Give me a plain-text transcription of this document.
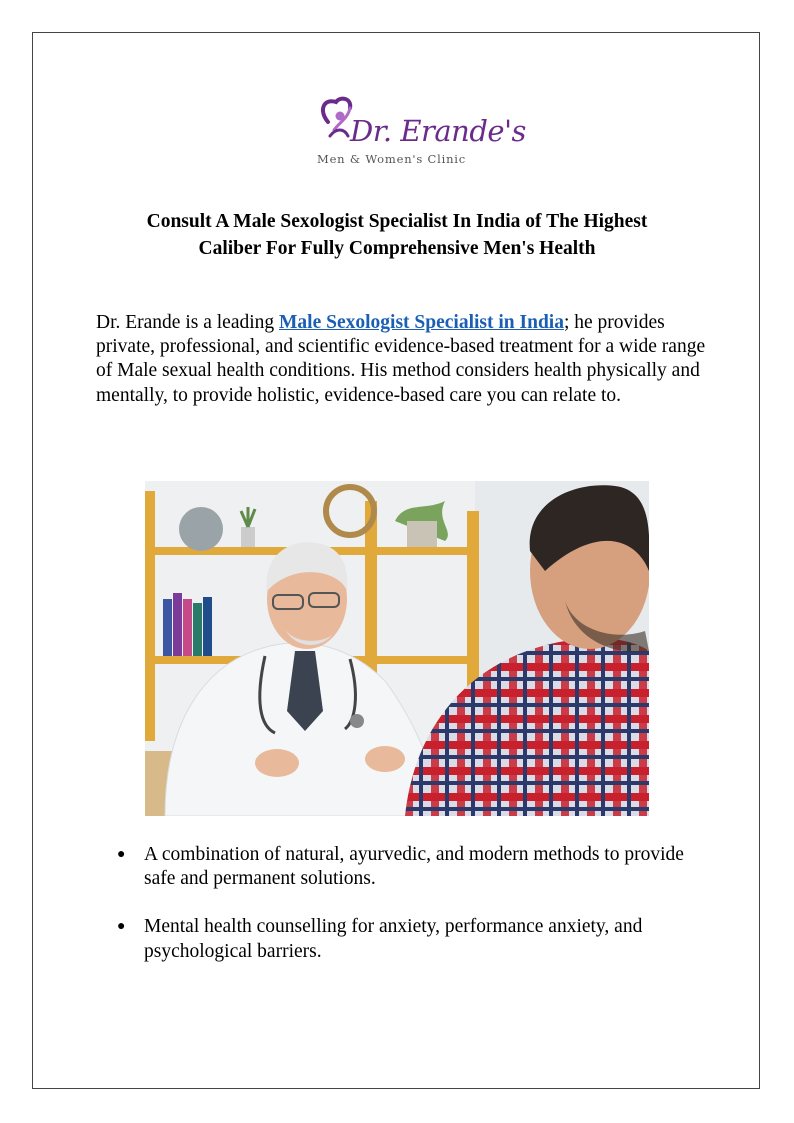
Dr. Erande's
Men & Women's Clinic
Consult A Male Sexologist Specialist In India of The Highest
Caliber For Fully Comprehensive Men's Health

Dr. Erande is a leading Male Sexologist Specialist in India; he provides private, professional, and scientific evidence-based treatment for a wide range of Male sexual health conditions. His method considers health physically and mentally, to provide holistic, evidence-based care you can relate to.

● A combination of natural, ayurvedic, and modern methods to provide safe and permanent solutions.
● Mental health counselling for anxiety, performance anxiety, and psychological barriers.
